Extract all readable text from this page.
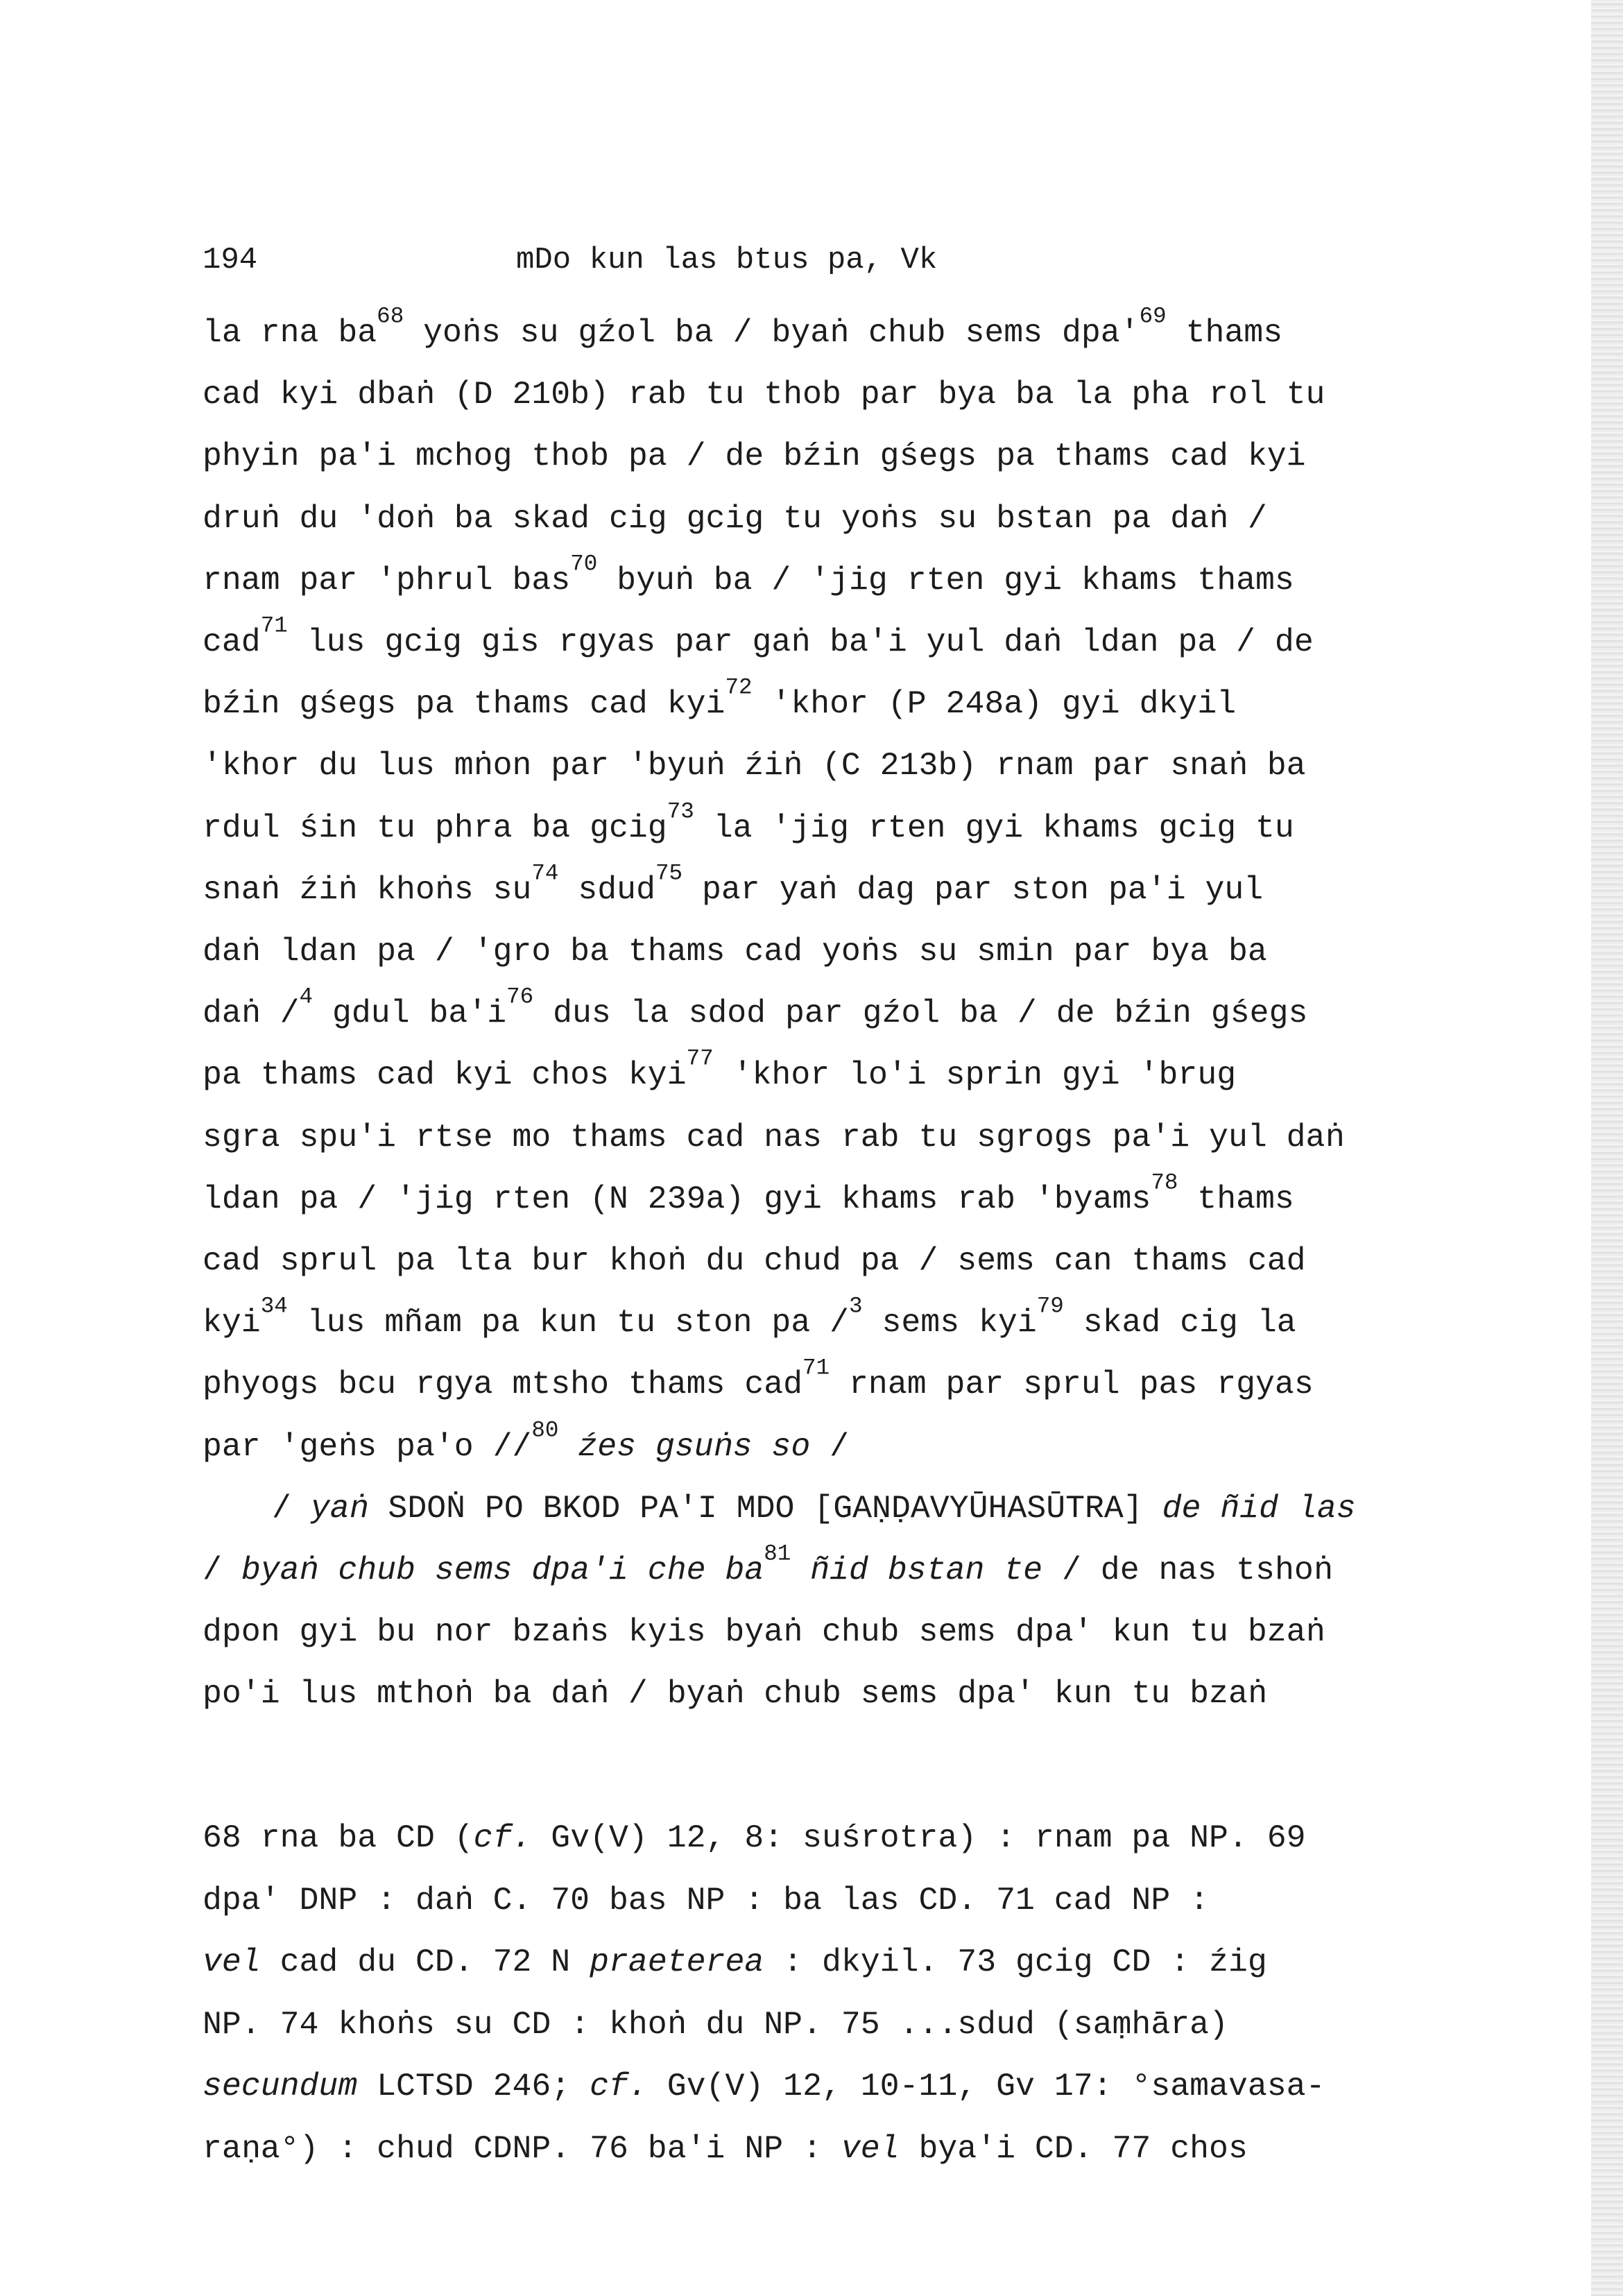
194	mDo kun las btus pa, Vk
la rna $ba^{68}$ yoṅs su gźol ba / byaṅ chub sems $dpa'^{69}$ thams
cad kyi dbaṅ (D 210b) rab tu thob par bya ba la pha rol tu
phyin pa'i mchog thob pa / de bźin gśegs pa thams cad kyi
druṅ du 'doṅ ba skad cig gcig tu yoṅs su bstan pa daṅ /
rnam par 'phrul bas$^{70}$ byuṅ ba / 'jig rten gyi khams thams
cad$^{71}$ lus gcig gis rgyas par gaṅ ba'i yul daṅ ldan pa / de
bźin gśegs pa thams cad kyi$^{72}$ 'khor (P 248a) gyi dkyil
'khor du lus mṅon par 'byuṅ źiṅ (C 213b) rnam par snaṅ ba
rdul śin tu phra ba gcig$^{73}$ la 'jig rten gyi khams gcig tu
snaṅ źiṅ khoṅs $su^{74}$ sdud$^{75}$ par yaṅ dag par ston pa'i yul
daṅ ldan pa / 'gro ba thams cad yoṅs su smin par bya ba
daṅ /$^4$ gdul $ba'i^{76}$ dus la sdod par gźol ba / de bźin gśegs
pa thams cad kyi chos kyi$^{77}$ 'khor lo'i sprin gyi 'brug
sgra spu'i rtse mo thams cad nas rab tu sgrogs pa'i yul daṅ
ldan pa / 'jig rten (N 239a) gyi khams rab 'byams$^{78}$ thams
cad sprul pa lta bur khoṅ du chud pa / sems can thams cad
kyi$^{34}$ lus mñam pa kun tu ston pa /$^3$ sems kyi$^{79}$ skad cig la
phyogs bcu rgya mtsho thams cad$^{71}$ rnam par sprul pas rgyas
par 'geṅs pa'o //$^{80}$ źes gsuṅs so /
/ yaṅ SDOṄ PO BKOD PA'I MDO [GAṆḌAVYŪHASŪTRA] de ñid las
/ byaṅ chub sems dpa'i che $ba^{81}$ ñid bstan te / de nas tshoṅ
dpon gyi bu nor bzaṅs kyis byaṅ chub sems dpa' kun tu bzaṅ
po'i lus mthoṅ ba daṅ / byaṅ chub sems dpa' kun tu bzaṅ
68 rna ba CD (cf. Gv(V) 12, 8: suśrotra) : rnam pa NP. 69
dpa' DNP : daṅ C. 70 bas NP : ba las CD. 71 cad NP :
vel cad du CD. 72 N praeterea : dkyil. 73 gcig CD : źig
NP. 74 khoṅs su CD : khoṅ du NP. 75 ...sdud (saṃhāra)
secundum LCTSD 246; cf. Gv(V) 12, 10-11, Gv 17: °samavasa-
raṇa°) : chud CDNP. 76 ba'i NP : vel bya'i CD. 77 chos
